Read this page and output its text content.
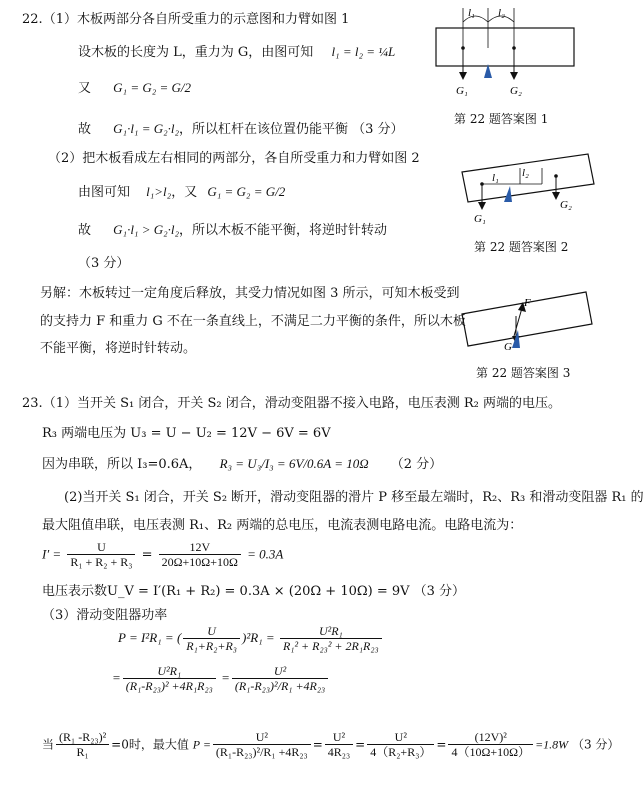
22.（1）木板两部分各自所受重力的示意图和力臂如图 1
设木板的长度为 L，重力为 G，由图可知 l₁ = l₂ = ¼L
又 G₁ = G₂ = G/2
故 G₁·l₁ = G₂·l₂，所以杠杆在该位置仍能平衡 （3 分）
（2）把木板看成左右相同的两部分，各自所受重力和力臂如图 2
由图可知 l₁>l₂，又 G₁ = G₂ = G/2
故 G₁·l₁ > G₂·l₂，所以木板不能平衡，将逆时针转动
（3 分）
另解：木板转过一定角度后释放，其受力情况如图 3 所示，可知木板受到
的支持力 F 和重力 G 不在一条直线上，不满足二力平衡的条件，所以木板
不能平衡，将逆时针转动。
l₁ l₂
G₁	G₂
第 22 题答案图 1
l₁ l₂
G₁
G₂
第 22 题答案图 2
F
G
第 22 题答案图 3
23.（1）当开关 S₁ 闭合，开关 S₂ 闭合，滑动变阻器不接入电路，电压表测 R₂ 两端的电压。
R₃ 两端电压为 U₃ = U − U₂ = 12V − 6V = 6V
因为串联，所以 I₃=0.6A， R₃ = U₃/I₃ = 6V/0.6A = 10Ω （2 分）
(2)当开关 S₁ 闭合，开关 S₂ 断开，滑动变阻器的滑片 P 移至最左端时，R₂、R₃ 和滑动变阻器 R₁ 的
最大阻值串联，电压表测 R₁、R₂ 两端的总电压，电流表测电路电流。电路电流为：
$I' = \frac{U}{\text{R₁ + R₂ + R₃}} = \frac{12V}{20\Omega+10\Omega+10\Omega} = 0.3A$
电压表示数U_V = I′(R₁ + R₂) = 0.3A × (20Ω + 10Ω) = 9V （3 分）
（3）滑动变阻器功率
P = I²R₁ = ( $\frac{U}{\text{R₁+R₂+R₃}} )^2R_1 = \frac{\text{U²R₁}}{\text{R₁² + R₂₃² + 2R₁R₂₃}}$
= $\frac{\text{U²R₁}}{\text{(R₁-R₂₃)² +4R₁R₂₃}} = \frac{\text{U²}}{\text{(R₁-R₂₃)²/R₁ +4R₂₃}}$
当 $\frac{\text{(R₁ -R₂₃)²}}{\text{R₁}} =0$时，最大值 $P = \frac{\text{U²}}{\text{(R₁-R₂₃)²/R₁ +4R₂₃}} = \frac{\text{U²}}{\text{4R₂₃}} = \frac{\text{U²}}{\text{4（R₂+R₃）}} = \frac{\text{(12V)²}}{4(10\Omega+10\Omega)} =1.8W$ （3 分）
